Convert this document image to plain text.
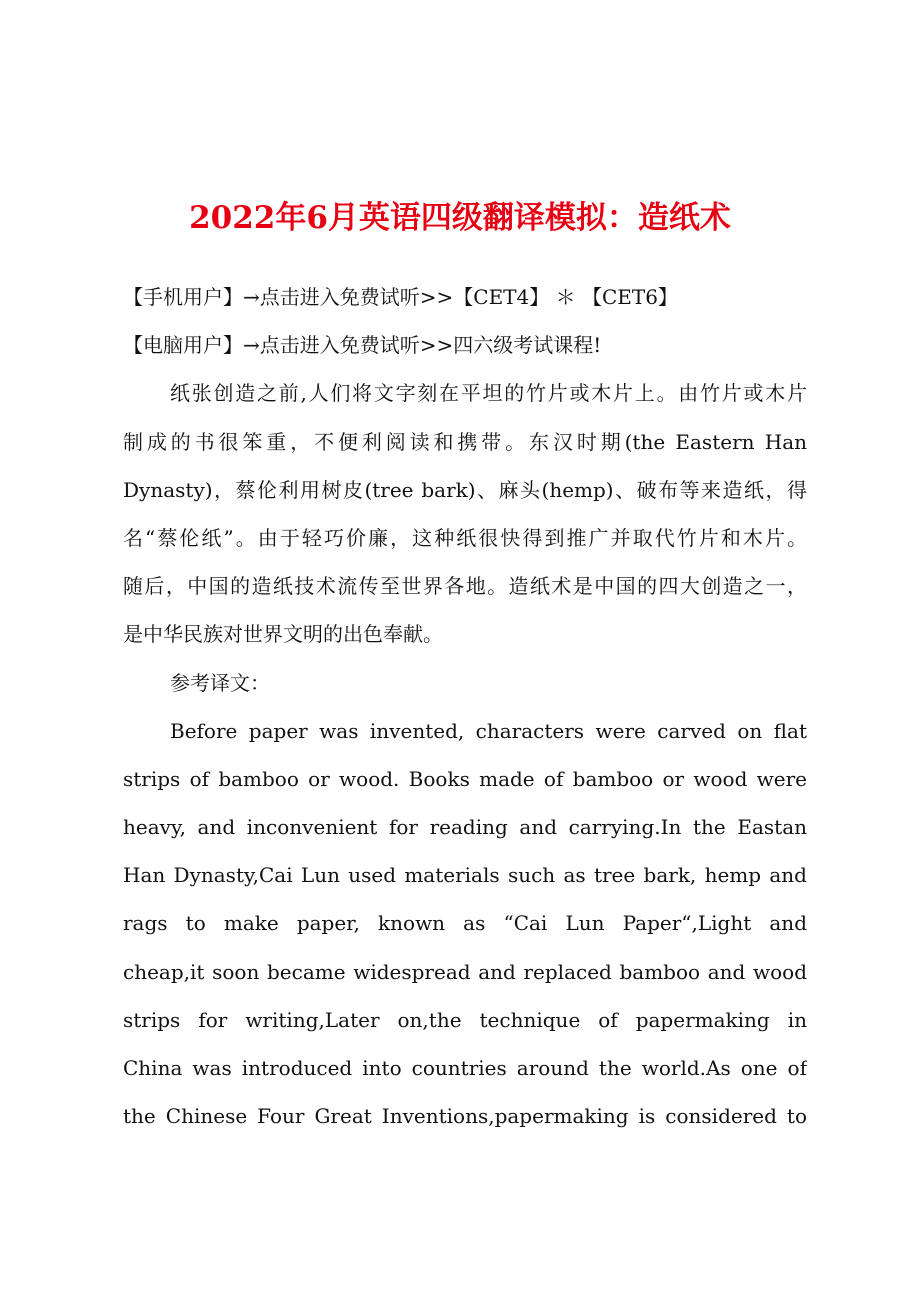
2022年6月英语四级翻译模拟：造纸术
【手机用户】→点击进入免费试听>>【CET4】 ＊ 【CET6】
【电脑用户】→点击进入免费试听>>四六级考试课程!
纸张创造之前,人们将文字刻在平坦的竹片或木片上。由竹片或木片
制成的书很笨重，不便利阅读和携带。东汉时期(the Eastern Han
Dynasty)，蔡伦利用树皮(tree bark)、麻头(hemp)、破布等来造纸，得
名“蔡伦纸”。由于轻巧价廉，这种纸很快得到推广并取代竹片和木片。
随后，中国的造纸技术流传至世界各地。造纸术是中国的四大创造之一，
是中华民族对世界文明的出色奉献。
参考译文：
Before paper was invented, characters were carved on flat
strips of bamboo or wood. Books made of bamboo or wood were
heavy, and inconvenient for reading and carrying.In the Eastan
Han Dynasty,Cai Lun used materials such as tree bark, hemp and
rags to make paper, known as “Cai Lun Paper“,Light and
cheap,it soon became widespread and replaced bamboo and wood
strips for writing,Later on,the technique of papermaking in
China was introduced into countries around the world.As one of
the Chinese Four Great Inventions,papermaking is considered to
